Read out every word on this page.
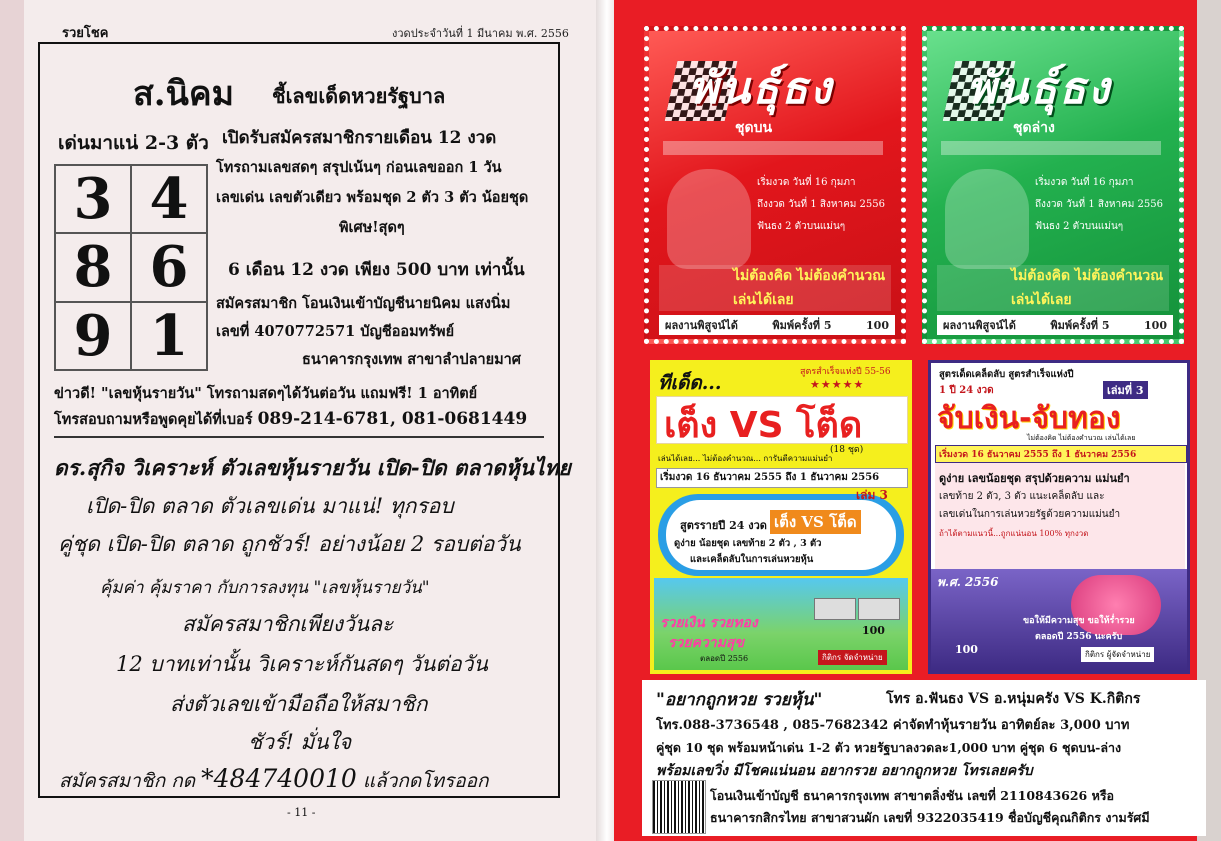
รวยโชค	งวดประจำวันที่ 1 มีนาคม พ.ศ. 2556
ส.นิคม ชี้เลขเด็ดหวยรัฐบาล
เด่นมาแน่ 2-3 ตัว
3 4
8 6
9 1
เปิดรับสมัครสมาชิกรายเดือน 12 งวด
โทรถามเลขสดๆ สรุปเน้นๆ ก่อนเลขออก 1 วัน
เลขเด่น เลขตัวเดียว พร้อมชุด 2 ตัว 3 ตัว น้อยชุด
พิเศษ!สุดๆ
6 เดือน 12 งวด เพียง 500 บาท เท่านั้น
สมัครสมาชิก โอนเงินเข้าบัญชีนายนิคม แสงนิ่ม
เลขที่ 4070772571 บัญชีออมทรัพย์
ธนาคารกรุงเทพ สาขาลำปลายมาศ
ข่าวดี! "เลขหุ้นรายวัน" โทรถามสดๆได้วันต่อวัน แถมฟรี! 1 อาทิตย์
โทรสอบถามหรือพูดคุยได้ที่เบอร์ 089-214-6781, 081-0681449
ดร.สุกิจ วิเคราะห์ ตัวเลขหุ้นรายวัน เปิด-ปิด ตลาดหุ้นไทย
เปิด-ปิด ตลาด ตัวเลขเด่น มาแน่! ทุกรอบ
คู่ชุด เปิด-ปิด ตลาด ถูกชัวร์! อย่างน้อย 2 รอบต่อวัน
คุ้มค่า คุ้มราคา กับการลงทุน "เลขหุ้นรายวัน"
สมัครสมาชิกเพียงวันละ
12 บาทเท่านั้น วิเคราะห์กันสดๆ วันต่อวัน
ส่งตัวเลขเข้ามือถือให้สมาชิก
ชัวร์! มั่นใจ
สมัครสมาชิก กด *484740010 แล้วกดโทรออก
- 11 -
พันธุ์ธง
ชุดบน
เริ่มงวด วันที่ 16 กุมภา
ถึงงวด วันที่ 1 สิงหาคม 2556
ฟันธง 2 ตัวบนแม่นๆ
ไม่ต้องคิด ไม่ต้องคำนวณ
เล่นได้เลย
ผลงานพิสูจน์ได้	พิมพ์ครั้งที่ 5	100
พันธุ์ธง
ชุดล่าง
เริ่มงวด วันที่ 16 กุมภา
ถึงงวด วันที่ 1 สิงหาคม 2556
ฟันธง 2 ตัวบนแม่นๆ
ไม่ต้องคิด ไม่ต้องคำนวณ
เล่นได้เลย
ผลงานพิสูจน์ได้	พิมพ์ครั้งที่ 5	100
ทีเด็ด...	สูตรสำเร็จแห่งปี 55-56
★★★★★
เต็ง VS โต็ด
(18 ชุด)
เล่นได้เลย... ไม่ต้องคำนวณ... การันตีความแม่นยำ
เริ่มงวด 16 ธันวาคม 2555 ถึง 1 ธันวาคม 2556
เล่ม 3
สูตรรายปี 24 งวด เต็ง VS โต็ด
ดูง่าย น้อยชุด เลขท้าย 2 ตัว , 3 ตัว
และเคล็ดลับในการเล่นหวยหุ้น
รวยเงิน รวยทอง
รวยความสุข
ตลอดปี 2556
100
กิติกร จัดจำหน่าย
สูตรเด็ดเคล็ดลับ สูตรสำเร็จแห่งปี
1 ปี 24 งวด	เล่มที่ 3
จับเงิน-จับทอง
ไม่ต้องคิด ไม่ต้องคำนวณ เล่นได้เลย
เริ่มงวด 16 ธันวาคม 2555 ถึง 1 ธันวาคม 2556
ดูง่าย เลขน้อยชุด สรุปด้วยความ แม่นยำ
เลขท้าย 2 ตัว, 3 ตัว แนะเคล็ดลับ และ
เลขเด่นในการเล่นหวยรัฐด้วยความแม่นยำ
ถ้าได้ตามแนวนี้...ถูกแน่นอน 100% ทุกงวด
พ.ศ. 2556
ขอให้มีความสุข ขอให้ร่ำรวย
ตลอดปี 2556 นะครับ
100	กิติกร ผู้จัดจำหน่าย
"อยากถูกหวย รวยหุ้น"	โทร อ.ฟันธง VS อ.หนุ่มครัง VS K.กิติกร
โทร.088-3736548 , 085-7682342 ค่าจัดทำหุ้นรายวัน อาทิตย์ละ 3,000 บาท
คู่ชุด 10 ชุด พร้อมหน้าเด่น 1-2 ตัว หวยรัฐบาลงวดละ1,000 บาท คู่ชุด 6 ชุดบน-ล่าง
พร้อมเลขวิ่ง มีโชคแน่นอน อยากรวย อยากถูกหวย โทรเลยครับ
โอนเงินเข้าบัญชี ธนาคารกรุงเทพ สาขาตลิ่งชัน เลขที่ 2110843626 หรือ
ธนาคารกสิกรไทย สาขาสวนผัก เลขที่ 9322035419 ชื่อบัญชีคุณกิติกร งามรัศมี
